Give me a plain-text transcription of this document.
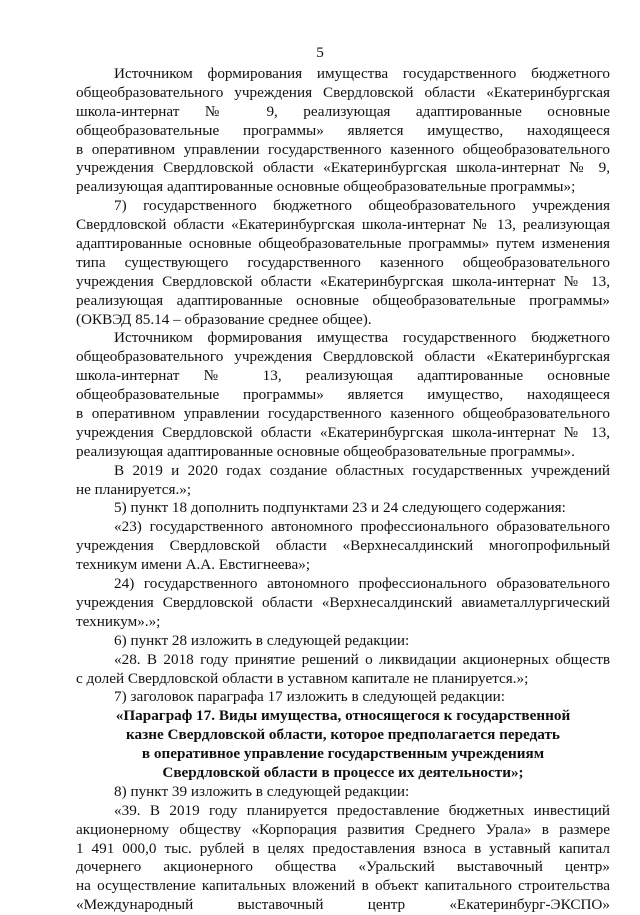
5
Источником формирования имущества государственного бюджетного
общеобразовательного учреждения Свердловской области «Екатеринбургская
школа-интернат № 9, реализующая адаптированные основные
общеобразовательные программы» является имущество, находящееся
в оперативном управлении государственного казенного общеобразовательного
учреждения Свердловской области «Екатеринбургская школа-интернат № 9,
реализующая адаптированные основные общеобразовательные программы»;
7) государственного бюджетного общеобразовательного учреждения
Свердловской области «Екатеринбургская школа-интернат № 13, реализующая
адаптированные основные общеобразовательные программы» путем изменения
типа существующего государственного казенного общеобразовательного
учреждения Свердловской области «Екатеринбургская школа-интернат № 13,
реализующая адаптированные основные общеобразовательные программы»
(ОКВЭД 85.14 – образование среднее общее).
Источником формирования имущества государственного бюджетного
общеобразовательного учреждения Свердловской области «Екатеринбургская
школа-интернат № 13, реализующая адаптированные основные
общеобразовательные программы» является имущество, находящееся
в оперативном управлении государственного казенного общеобразовательного
учреждения Свердловской области «Екатеринбургская школа-интернат № 13,
реализующая адаптированные основные общеобразовательные программы».
В 2019 и 2020 годах создание областных государственных учреждений
не планируется.»;
5) пункт 18 дополнить подпунктами 23 и 24 следующего содержания:
«23) государственного автономного профессионального образовательного
учреждения Свердловской области «Верхнесалдинский многопрофильный
техникум имени А.А. Евстигнеева»;
24) государственного автономного профессионального образовательного
учреждения Свердловской области «Верхнесалдинский авиаметаллургический
техникум».»;
6) пункт 28 изложить в следующей редакции:
«28. В 2018 году принятие решений о ликвидации акционерных обществ
с долей Свердловской области в уставном капитале не планируется.»;
7) заголовок параграфа 17 изложить в следующей редакции:
«Параграф 17. Виды имущества, относящегося к государственной
казне Свердловской области, которое предполагается передать
в оперативное управление государственным учреждениям
Свердловской области в процессе их деятельности»;
8) пункт 39 изложить в следующей редакции:
«39. В 2019 году планируется предоставление бюджетных инвестиций
акционерному обществу «Корпорация развития Среднего Урала» в размере
1 491 000,0 тыс. рублей в целях предоставления взноса в уставный капитал
дочернего акционерного общества «Уральский выставочный центр»
на осуществление капитальных вложений в объект капитального строительства
«Международный выставочный центр «Екатеринбург-ЭКСПО»
